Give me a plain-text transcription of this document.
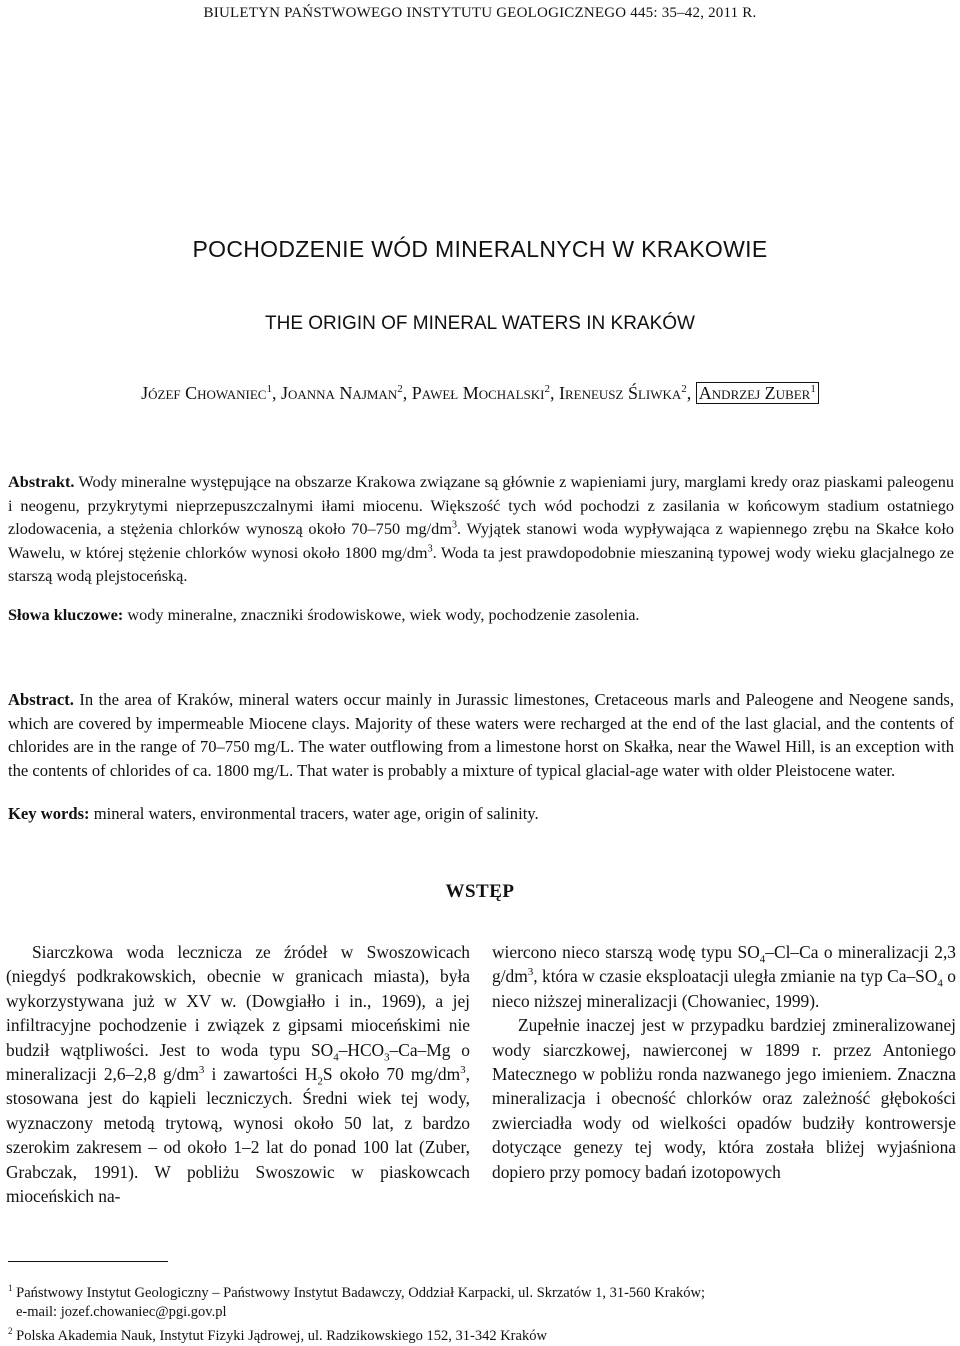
BIULETYN PAŃSTWOWEGO INSTYTUTU GEOLOGICZNEGO 445: 35–42, 2011 R.
POCHODZENIE WÓD MINERALNYCH W KRAKOWIE
THE ORIGIN OF MINERAL WATERS IN KRAKÓW
Józef Chowaniec$^1$, Joanna Najman$^2$, Paweł Mochalski$^2$, Ireneusz Śliwka$^2$, Andrzej Zuber$^1$
Abstrakt. Wody mineralne występujące na obszarze Krakowa związane są głównie z wapieniami jury, marglami kredy oraz piaskami paleogenu i neogenu, przykrytymi nieprzepuszczalnymi iłami miocenu. Większość tych wód pochodzi z zasilania w końcowym stadium ostatniego zlodowacenia, a stężenia chlorków wynoszą około 70–750 $mg/dm^3$. Wyjątek stanowi woda wypływająca z wapiennego zrębu na Skałce koło Wawelu, w której stężenie chlorków wynosi około 1800 $mg/dm^3$. Woda ta jest prawdopodobnie mieszaniną typowej wody wieku glacjalnego ze starszą wodą plejstoceńską.
Słowa kluczowe: wody mineralne, znaczniki środowiskowe, wiek wody, pochodzenie zasolenia.
Abstract. In the area of Kraków, mineral waters occur mainly in Jurassic limestones, Cretaceous marls and Paleogene and Neogene sands, which are covered by impermeable Miocene clays. Majority of these waters were recharged at the end of the last glacial, and the contents of chlorides are in the range of 70–750 mg/L. The water outflowing from a limestone horst on Skałka, near the Wawel Hill, is an exception with the contents of chlorides of ca. 1800 mg/L. That water is probably a mixture of typical glacial-age water with older Pleistocene water.
Key words: mineral waters, environmental tracers, water age, origin of salinity.
WSTĘP

Siarczkowa woda lecznicza ze źródeł w Swoszowicach (niegdyś podkrakowskich, obecnie w granicach miasta), była wykorzystywana już w XV w. (Dowgiałło i in., 1969), a jej infiltracyjne pochodzenie i związek z gipsami mioceńskimi nie budził wątpliwości. Jest to woda typu $SO_4-HCO_3-Ca-Mg$ o mineralizacji 2,6–2,8 $g/dm^3$ i zawartości $H_2S$ około 70 $mg/dm^3$, stosowana jest do kąpieli leczniczych. Średni wiek tej wody, wyznaczony metodą trytową, wynosi około 50 lat, z bardzo szerokim zakresem – od około 1–2 lat do ponad 100 lat (Zuber, Grabczak, 1991). W pobliżu Swoszowic w piaskowcach mioceńskich na-

wiercono nieco starszą wodę typu $SO_4-Cl-Ca$ o mineralizacji 2,3 $g/dm^3$, która w czasie eksploatacji uległa zmianie na typ $Ca-SO_4$ o nieco niższej mineralizacji (Chowaniec, 1999).

Zupełnie inaczej jest w przypadku bardziej zmineralizowanej wody siarczkowej, nawierconej w 1899 r. przez Antoniego Matecznego w pobliżu ronda nazwanego jego imieniem. Znaczna mineralizacja i obecność chlorków oraz zależność głębokości zwierciadła wody od wielkości opadów budziły kontrowersje dotyczące genezy tej wody, która została bliżej wyjaśniona dopiero przy pomocy badań izotopowych

$^1$ Państwowy Instytut Geologiczny – Państwowy Instytut Badawczy, Oddział Karpacki, ul. Skrzatów 1, 31-560 Kraków;
e-mail: jozef.chowaniec@pgi.gov.pl
$^2$ Polska Akademia Nauk, Instytut Fizyki Jądrowej, ul. Radzikowskiego 152, 31-342 Kraków
